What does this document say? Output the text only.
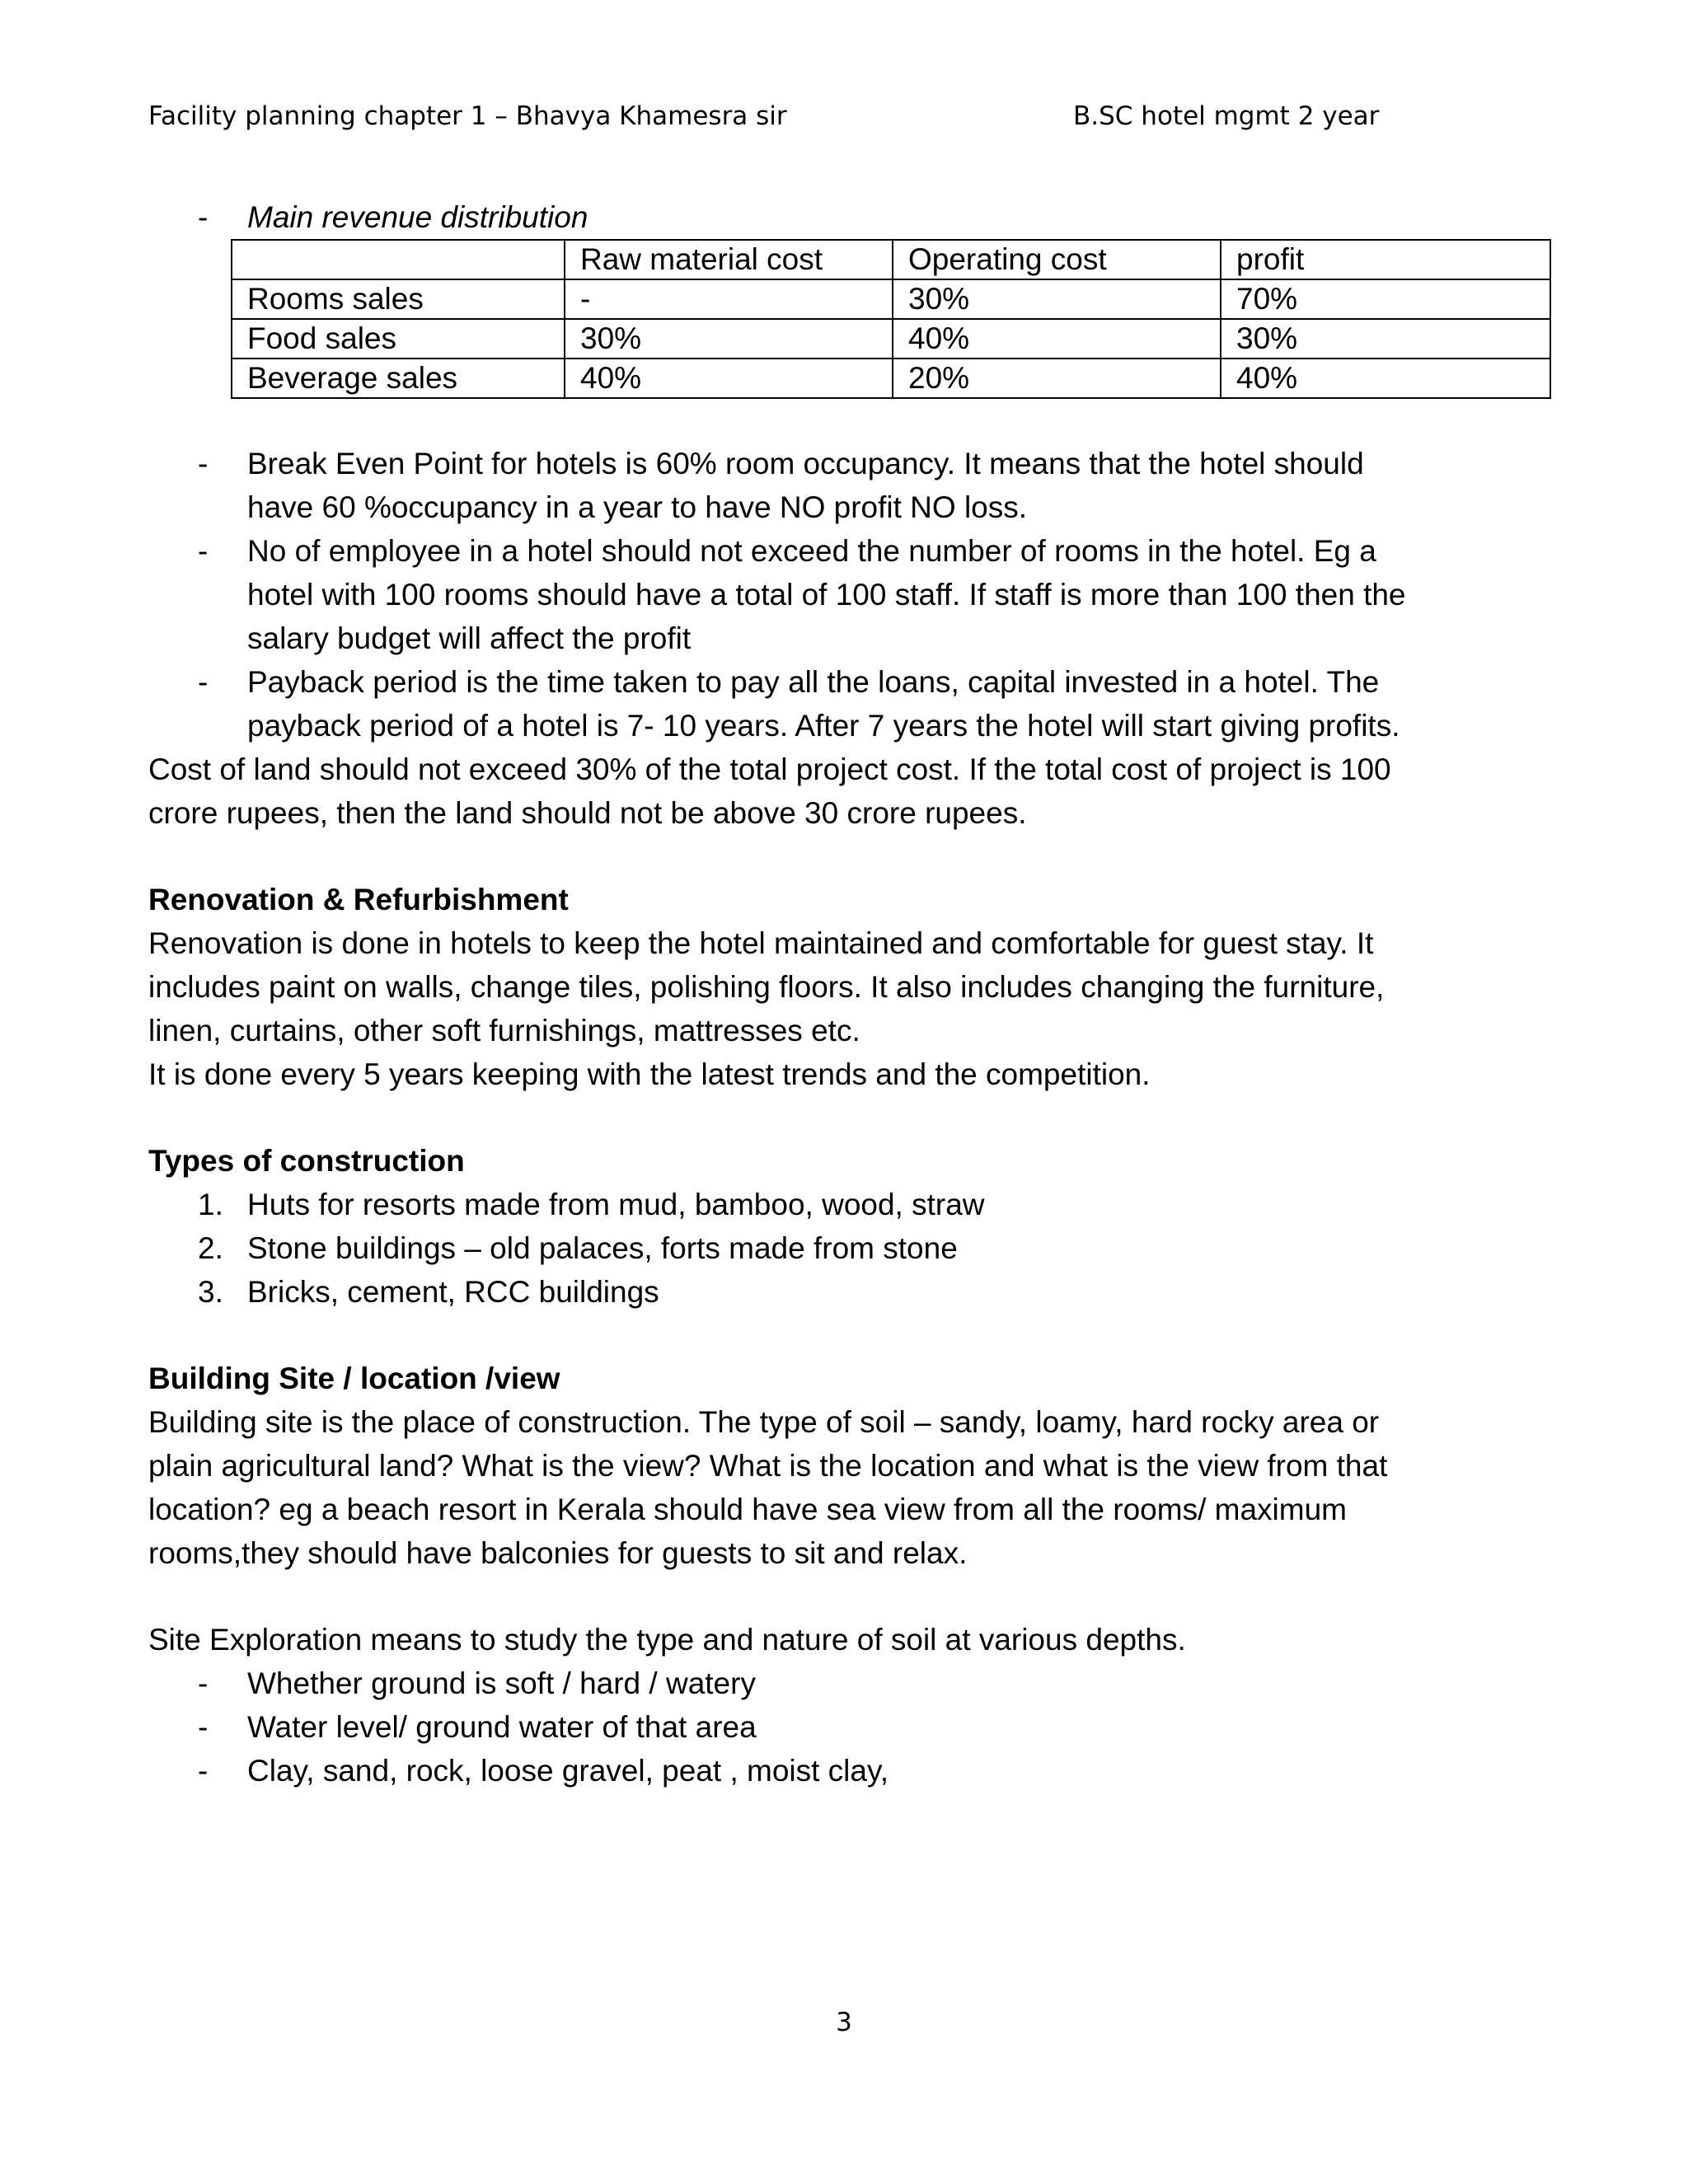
Facility planning chapter 1 – Bhavya Khamesra sir	B.SC hotel mgmt 2 year
- Main revenue distribution
	Raw material cost	Operating cost	profit
Rooms sales	-	30%	70%
Food sales	30%	40%	30%
Beverage sales	40%	20%	40%
- Break Even Point for hotels is 60% room occupancy. It means that the hotel should
have 60 %occupancy in a year to have NO profit NO loss.
- No of employee in a hotel should not exceed the number of rooms in the hotel. Eg a
hotel with 100 rooms should have a total of 100 staff. If staff is more than 100 then the
salary budget will affect the profit
- Payback period is the time taken to pay all the loans, capital invested in a hotel. The
payback period of a hotel is 7- 10 years. After 7 years the hotel will start giving profits.
Cost of land should not exceed 30% of the total project cost. If the total cost of project is 100
crore rupees, then the land should not be above 30 crore rupees.
Renovation & Refurbishment
Renovation is done in hotels to keep the hotel maintained and comfortable for guest stay. It
includes paint on walls, change tiles, polishing floors. It also includes changing the furniture,
linen, curtains, other soft furnishings, mattresses etc.
It is done every 5 years keeping with the latest trends and the competition.
Types of construction
1. Huts for resorts made from mud, bamboo, wood, straw
2. Stone buildings – old palaces, forts made from stone
3. Bricks, cement, RCC buildings
Building Site / location /view
Building site is the place of construction. The type of soil – sandy, loamy, hard rocky area or
plain agricultural land? What is the view? What is the location and what is the view from that
location? eg a beach resort in Kerala should have sea view from all the rooms/ maximum
rooms,they should have balconies for guests to sit and relax.
Site Exploration means to study the type and nature of soil at various depths.
- Whether ground is soft / hard / watery
- Water level/ ground water of that area
- Clay, sand, rock, loose gravel, peat , moist clay,
3
